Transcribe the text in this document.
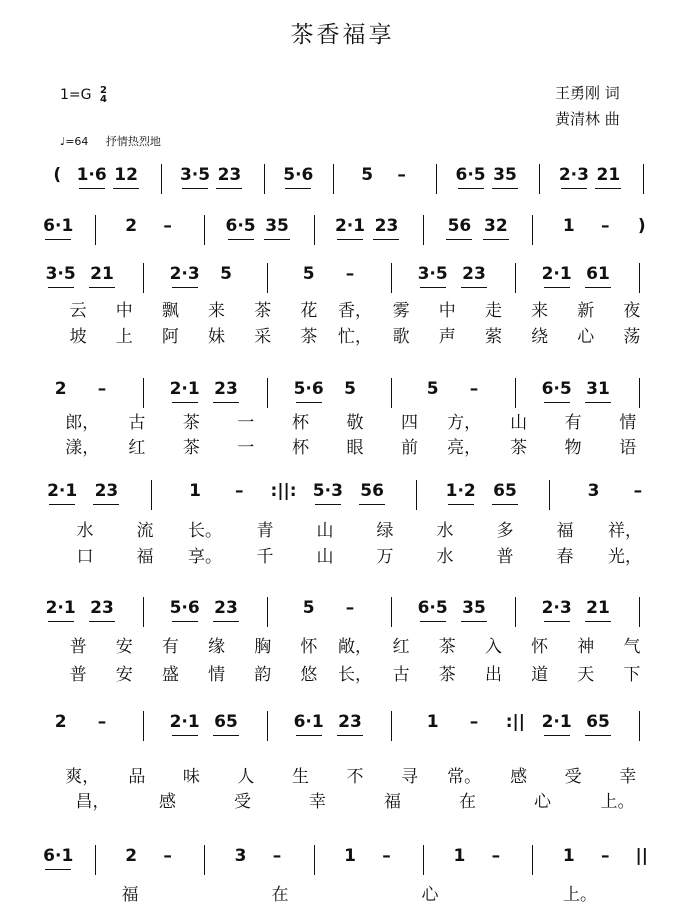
茶香福享
1=G 2
4
♩=64 抒情热烈地
王勇刚 词
黄清林 曲
( 1·6 12 3·5 23 5·6	5 –	6·5 35 2·3 21
6·1	2 –	6·5 35	2·1 23	56 32	1 – )
3·5 21	2·3 5	5 –	3·5 23	2·1 61
云 中 飘 来 茶 花 香， 雾 中 走 来 新 夜
坡 上 阿 妹 采 茶 忙， 歌 声 萦 绕 心 荡
2 –	2·1 23	5·6 5	5 –	6·5 31
郎， 古 茶 一 杯 敬 四 方， 山 有 情
漾， 红 茶 一 杯 眼 前 亮， 茶 物 语
2·1 23	1 – :||: 5·3 56	1·2 65	3 –
水	流 长。 青	山	绿	水	多	福 祥，
口	福 享。 千	山	万	水	普	春 光，
2·1 23	5·6 23	5 –	6·5 35	2·3 21
普 安 有 缘 胸 怀 敞， 红 茶 入 怀 神 气
普 安 盛 情 韵 悠 长， 古 茶 出 道 天 下
2 –	2·1 65	6·1 23	1 – :|| 2·1 65
爽， 品 味 人 生 不 寻 常。 感 受 幸
昌，	感	受	幸	福	在	心	上。
6·1	2 –	3 –	1 –	1 –	1 – ||
福	在	心	上。
